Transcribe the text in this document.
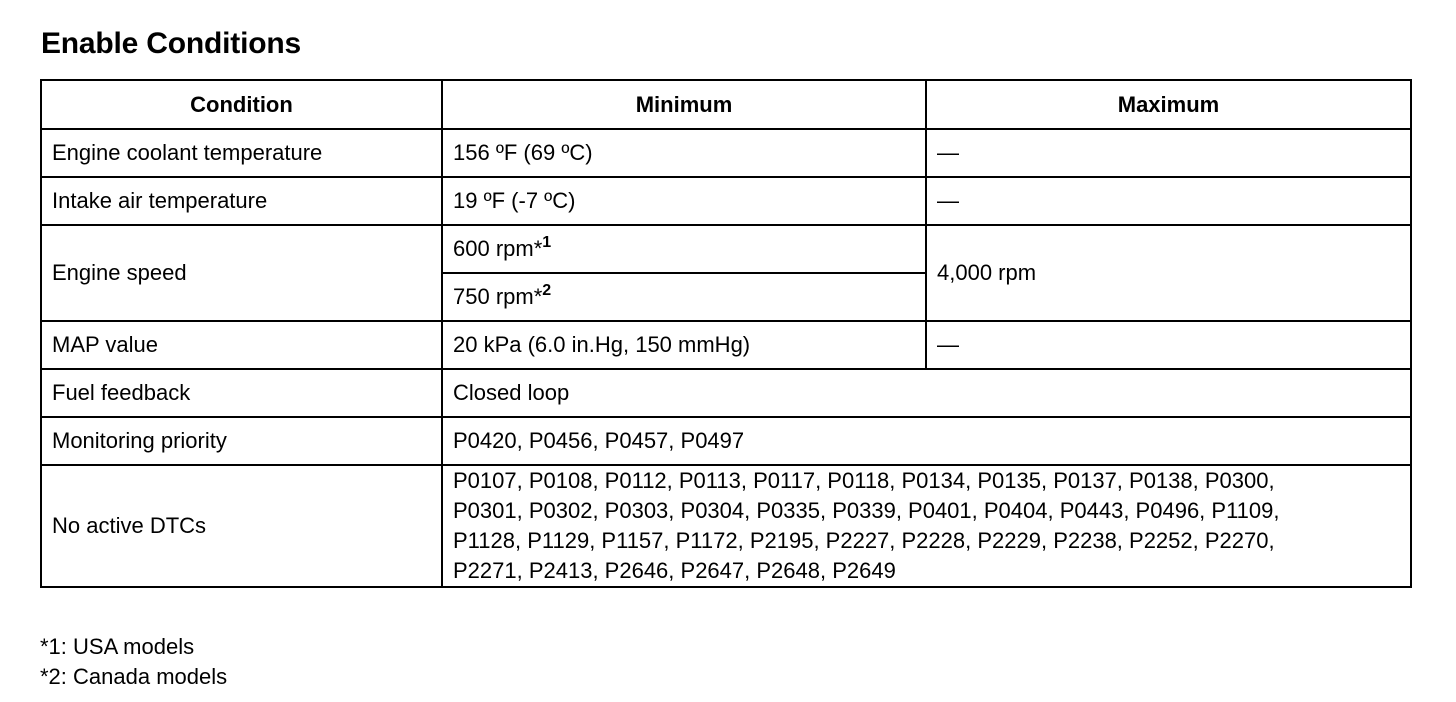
Enable Conditions
Condition	Minimum	Maximum
Engine coolant temperature	156 ºF (69 ºC)	—
Intake air temperature	19 ºF (-7 ºC)	—
Engine speed	600 rpm*$^1$	4,000 rpm
	750 rpm*$^2$
MAP value	20 kPa (6.0 in.Hg, 150 mmHg)	—
Fuel feedback	Closed loop	
Monitoring priority	P0420, P0456, P0457, P0497	
No active DTCs	P0107, P0108, P0112, P0113, P0117, P0118, P0134, P0135, P0137, P0138, P0300,
P0301, P0302, P0303, P0304, P0335, P0339, P0401, P0404, P0443, P0496, P1109,
P1128, P1129, P1157, P1172, P2195, P2227, P2228, P2229, P2238, P2252, P2270,
P2271, P2413, P2646, P2647, P2648, P2649	
*1: USA models
*2: Canada models
